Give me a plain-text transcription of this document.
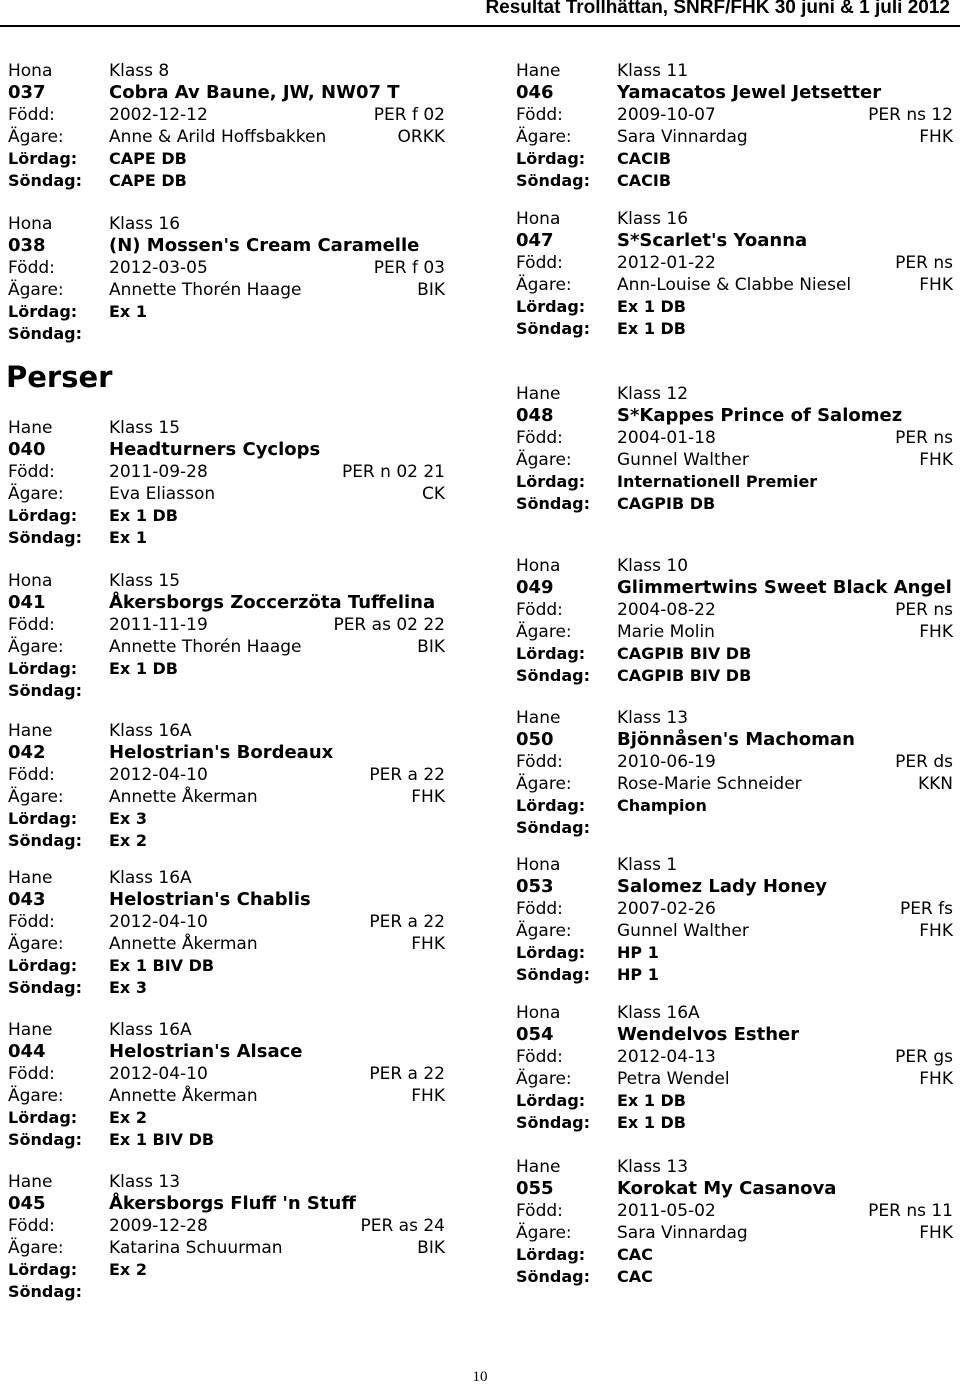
Resultat Trollhättan, SNRF/FHK 30 juni & 1 juli 2012
Perser
Hona	Klass 8
037	Cobra Av Baune, JW, NW07 T
Född:	2002-12-12	PER f 02
Ägare:	Anne & Arild Hoffsbakken	ORKK
Lördag: CAPE DB
Söndag: CAPE DB
Hona	Klass 16
038	(N) Mossen's Cream Caramelle
Född:	2012-03-05	PER f 03
Ägare:	Annette Thorén Haage	BIK
Lördag: Ex 1
Söndag:
Hane	Klass 15
040	Headturners Cyclops
Född:	2011-09-28	PER n 02 21
Ägare:	Eva Eliasson	CK
Lördag: Ex 1 DB
Söndag: Ex 1
Hona	Klass 15
041	Åkersborgs Zoccerzöta Tuffelina
Född:	2011-11-19	PER as 02 22
Ägare:	Annette Thorén Haage	BIK
Lördag: Ex 1 DB
Söndag:
Hane	Klass 16A
042	Helostrian's Bordeaux
Född:	2012-04-10	PER a 22
Ägare:	Annette Åkerman	FHK
Lördag: Ex 3
Söndag: Ex 2
Hane	Klass 16A
043	Helostrian's Chablis
Född:	2012-04-10	PER a 22
Ägare:	Annette Åkerman	FHK
Lördag: Ex 1 BIV DB
Söndag: Ex 3
Hane	Klass 16A
044	Helostrian's Alsace
Född:	2012-04-10	PER a 22
Ägare:	Annette Åkerman	FHK
Lördag: Ex 2
Söndag: Ex 1 BIV DB
Hane	Klass 13
045	Åkersborgs Fluff 'n Stuff
Född:	2009-12-28	PER as 24
Ägare:	Katarina Schuurman	BIK
Lördag: Ex 2
Söndag:
Hane	Klass 11
046	Yamacatos Jewel Jetsetter
Född:	2009-10-07	PER ns 12
Ägare:	Sara Vinnardag	FHK
Lördag: CACIB
Söndag: CACIB
Hona	Klass 16
047	S*Scarlet's Yoanna
Född:	2012-01-22	PER ns
Ägare:	Ann-Louise & Clabbe Niesel	FHK
Lördag: Ex 1 DB
Söndag: Ex 1 DB
Hane	Klass 12
048	S*Kappes Prince of Salomez
Född:	2004-01-18	PER ns
Ägare:	Gunnel Walther	FHK
Lördag: Internationell Premier
Söndag: CAGPIB DB
Hona	Klass 10
049	Glimmertwins Sweet Black Angel
Född:	2004-08-22	PER ns
Ägare:	Marie Molin	FHK
Lördag: CAGPIB BIV DB
Söndag: CAGPIB BIV DB
Hane	Klass 13
050	Bjönnåsen's Machoman
Född:	2010-06-19	PER ds
Ägare:	Rose-Marie Schneider	KKN
Lördag: Champion
Söndag:
Hona	Klass 1
053	Salomez Lady Honey
Född:	2007-02-26	PER fs
Ägare:	Gunnel Walther	FHK
Lördag: HP 1
Söndag: HP 1
Hona	Klass 16A
054	Wendelvos Esther
Född:	2012-04-13	PER gs
Ägare:	Petra Wendel	FHK
Lördag: Ex 1 DB
Söndag: Ex 1 DB
Hane	Klass 13
055	Korokat My Casanova
Född:	2011-05-02	PER ns 11
Ägare:	Sara Vinnardag	FHK
Lördag: CAC
Söndag: CAC
10
